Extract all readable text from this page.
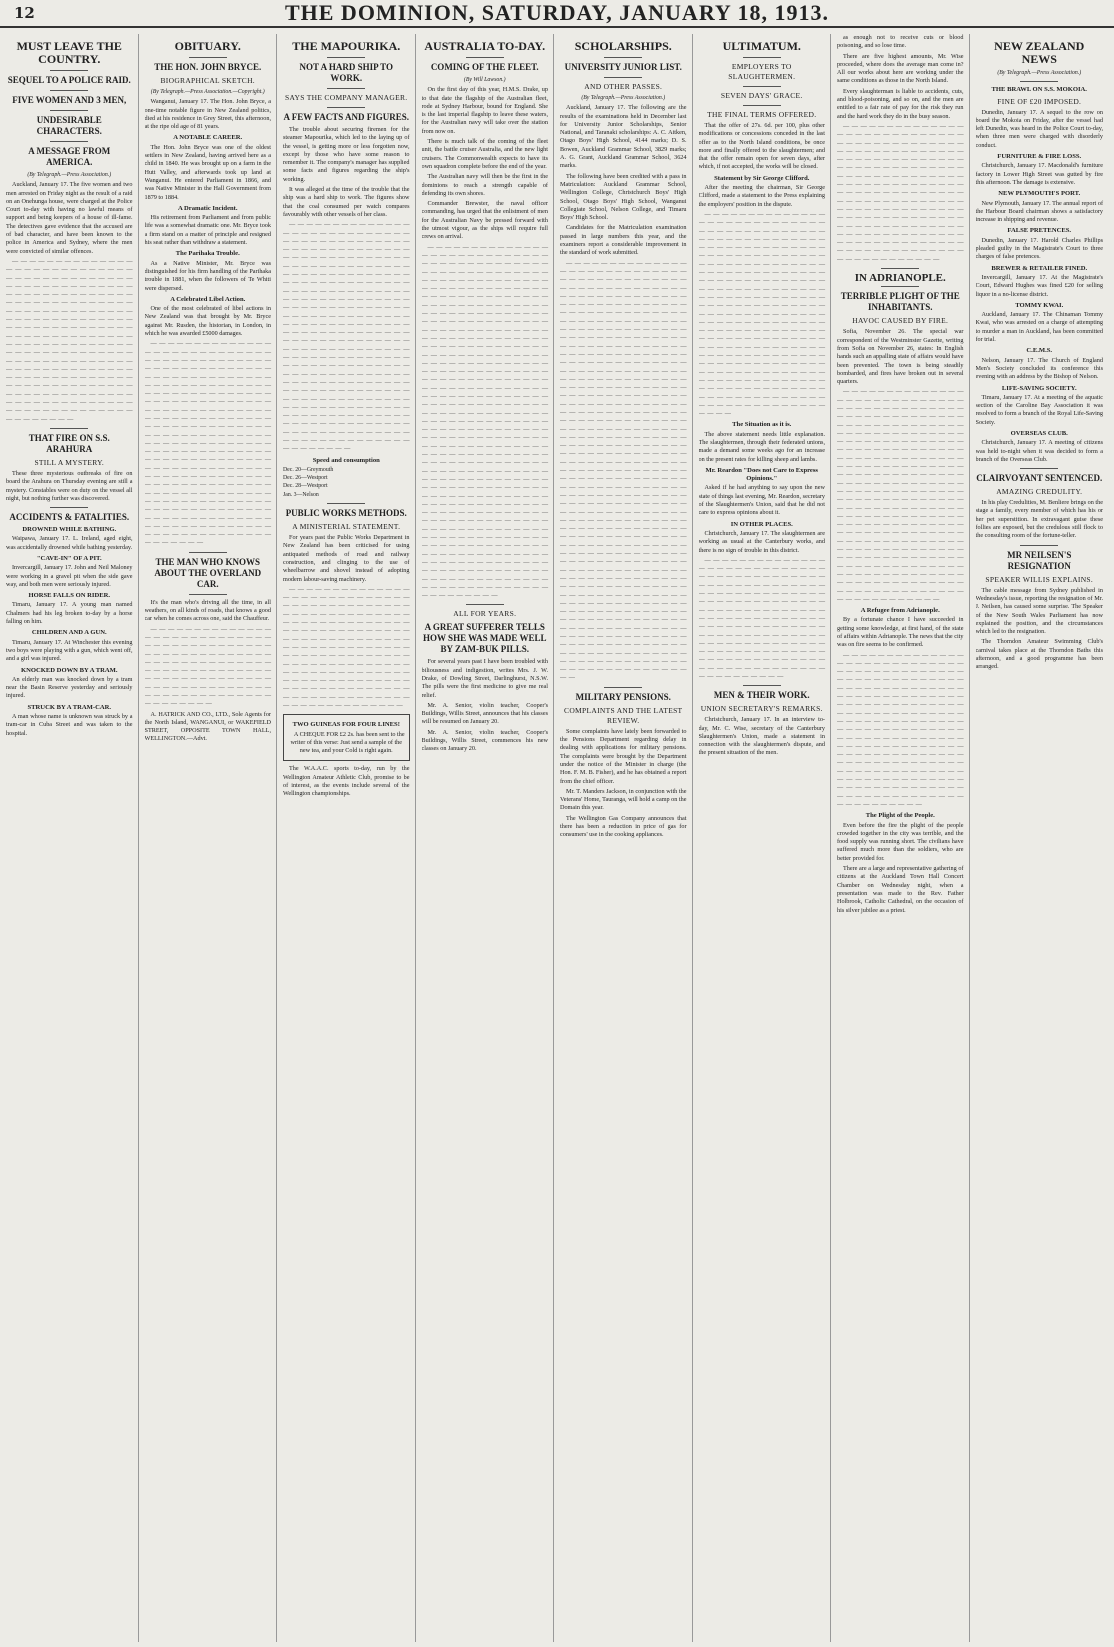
12	THE DOMINION, SATURDAY, JANUARY 18, 1913.
MUST LEAVE THE COUNTRY.
SEQUEL TO A POLICE RAID.
FIVE WOMEN AND 3 MEN,
UNDESIRABLE CHARACTERS.
A MESSAGE FROM AMERICA.
(By Telegraph.—Press Association.)

Auckland, January 17. The five women and two men arrested on Friday night as the result of a raid on an Onehunga house, were charged at the Police Court to-day with having no lawful means of support and being keepers of a house of ill-fame. The detectives gave evidence that the accused are of bad character, and have been known to the police in America and Sydney, where the men were convicted of similar offences.

— — — — — — — — — — — — — — — — — — — — — — — — — — — — — — — — — — — — — — — — — — — — — — — — — — — — — — — — — — — — — — — — — — — — — — — — — — — — — — — — — — — — — — — — — — — — — — — — — — — — — — — — — — — — — — — — — — — — — — — — — — — — — — — — — — — — — — — — — — — — — — — — — — — — — — — — — — — — — — — — — — — — — — — — — — — — — — — — — — — — — — — — — — — — — — — — — — — — — — — — — — — — — — — — — — — — — — — — — — — — — — — — — — — — — — — — — — — — — — — — — — — — — — — — — — — — — — — — — — — — — — — — — — — — — — — — — —

THAT FIRE ON S.S. ARAHURA
STILL A MYSTERY.

These three mysterious outbreaks of fire on board the Arahura on Thursday evening are still a mystery. Constables were on duty on the vessel all night, but nothing further was discovered.

ACCIDENTS & FATALITIES.
DROWNED WHILE BATHING.

Waipawa, January 17. L. Ireland, aged eight, was accidentally drowned while bathing yesterday.

"CAVE-IN" OF A PIT.

Invercargill, January 17. John and Neil Maloney were working in a gravel pit when the side gave way, and both men were seriously injured.

HORSE FALLS ON RIDER.

Timaru, January 17. A young man named Chalmers had his leg broken to-day by a horse falling on him.

CHILDREN AND A GUN.

Timaru, January 17. At Winchester this evening two boys were playing with a gun, which went off, and a girl was injured.

KNOCKED DOWN BY A TRAM.

An elderly man was knocked down by a tram near the Basin Reserve yesterday and seriously injured.

STRUCK BY A TRAM-CAR.

A man whose name is unknown was struck by a tram-car in Cuba Street and was taken to the hospital.

OBITUARY.
THE HON. JOHN BRYCE.
BIOGRAPHICAL SKETCH.
(By Telegraph.—Press Association.—Copyright.)

Wanganui, January 17. The Hon. John Bryce, a one-time notable figure in New Zealand politics, died at his residence in Grey Street, this afternoon, at the ripe old age of 81 years.

A NOTABLE CAREER.

The Hon. John Bryce was one of the oldest settlers in New Zealand, having arrived here as a child in 1840. He was brought up on a farm in the Hutt Valley, and afterwards took up land at Wanganui. He entered Parliament in 1866, and was Native Minister in the Hall Government from 1879 to 1884.

A Dramatic Incident.

His retirement from Parliament and from public life was a somewhat dramatic one. Mr. Bryce took a firm stand on a matter of principle and resigned his seat rather than withdraw a statement.

The Parihaka Trouble.

As a Native Minister, Mr. Bryce was distinguished for his firm handling of the Parihaka trouble in 1881, when the followers of Te Whiti were dispersed.

A Celebrated Libel Action.

One of the most celebrated of libel actions in New Zealand was that brought by Mr. Bryce against Mr. Rusden, the historian, in London, in which he was awarded £5000 damages.

— — — — — — — — — — — — — — — — — — — — — — — — — — — — — — — — — — — — — — — — — — — — — — — — — — — — — — — — — — — — — — — — — — — — — — — — — — — — — — — — — — — — — — — — — — — — — — — — — — — — — — — — — — — — — — — — — — — — — — — — — — — — — — — — — — — — — — — — — — — — — — — — — — — — — — — — — — — — — — — — — — — — — — — — — — — — — — — — — — — — — — — — — — — — — — — — — — — — — — — — — — — — — — — — — — — — — — — — — — — — — — — — — — — — — — — — — — — — — — — — — — — — — — — — — — — — — — — — — — — — — — — — — — — — — — — — — — — — — — — — — — — — — — — — — — — — — — — — — — — — — — — — — — — — — — — — — — — — — — — — — — — — — — — — — — — — — — — — — — — — — — —

THE MAN WHO KNOWS ABOUT THE OVERLAND CAR.

It's the man who's driving all the time, in all weathers, on all kinds of roads, that knows a good car when he comes across one, said the Chauffeur.

— — — — — — — — — — — — — — — — — — — — — — — — — — — — — — — — — — — — — — — — — — — — — — — — — — — — — — — — — — — — — — — — — — — — — — — — — — — — — — — — — — — — — — — — — — — — — — — — — — — — — — — — — — — — — — — — — — — — — — — — — — — — — — — — — — — — — —

A. HATRICK AND CO., LTD., Sole Agents for the North Island, WANGANUI, or WAKEFIELD STREET, OPPOSITE TOWN HALL, WELLINGTON.—Advt.

THE MAPOURIKA.
NOT A HARD SHIP TO WORK.
SAYS THE COMPANY MANAGER.
A FEW FACTS AND FIGURES.

The trouble about securing firemen for the steamer Mapourika, which led to the laying up of the vessel, is getting more or less forgotten now, except by those who have some reason to remember it. The company's manager has supplied some facts and figures regarding the ship's working.

It was alleged at the time of the trouble that the ship was a hard ship to work. The figures show that the coal consumed per watch compares favourably with other vessels of her class.

— — — — — — — — — — — — — — — — — — — — — — — — — — — — — — — — — — — — — — — — — — — — — — — — — — — — — — — — — — — — — — — — — — — — — — — — — — — — — — — — — — — — — — — — — — — — — — — — — — — — — — — — — — — — — — — — — — — — — — — — — — — — — — — — — — — — — — — — — — — — — — — — — — — — — — — — — — — — — — — — — — — — — — — — — — — — — — — — — — — — — — — — — — — — — — — — — — — — — — — — — — — — — — — — — — — — — — — — — — — — — — — — — — — — — — — — — — — — — — — — — — — — — — — — — — — — — — — — — — — — — — — — — — — — — — — — — — — — — — — — — — — — — — — — — — — — — — — — — — — — — — — — — — — — — — — — — — — — — — — — — — — — — — — — — — — — — — — — — — — — — — — — — — — — — — — — — — — — — — — — — — — — — — — — — — — — — — — — — — — — — — — — — —

Speed and consumption
Dec. 20—Greymouth
Dec. 26—Westport
Dec. 28—Westport
Jan. 3—Nelson
PUBLIC WORKS METHODS.
A MINISTERIAL STATEMENT.

For years past the Public Works Department in New Zealand has been criticised for using antiquated methods of road and railway construction, and clinging to the use of wheelbarrow and shovel instead of adopting modern labour-saving machinery.

— — — — — — — — — — — — — — — — — — — — — — — — — — — — — — — — — — — — — — — — — — — — — — — — — — — — — — — — — — — — — — — — — — — — — — — — — — — — — — — — — — — — — — — — — — — — — — — — — — — — — — — — — — — — — — — — — — — — — — — — — — — — — — — — — — — — — — — — — — — — — — — — — — — — — — — — — — — — — — — — — — — — — — — — — — — — — — — — — — — — — — — — — — — — — — — — — — — — — — — — — — — — — — — — — —

TWO GUINEAS FOR FOUR LINES!

A CHEQUE FOR £2 2s. has been sent to the writer of this verse: Just send a sample of the new tea, and your Cold is right again.

The W.A.A.C. sports to-day, run by the Wellington Amateur Athletic Club, promise to be of interest, as the events include several of the Wellington championships.

AUSTRALIA TO-DAY.
COMING OF THE FLEET.
(By Will Lawson.)

On the first day of this year, H.M.S. Drake, up to that date the flagship of the Australian fleet, rode at Sydney Harbour, bound for England. She is the last imperial flagship to leave these waters, for the Australian navy will take over the station from now on.

There is much talk of the coming of the fleet unit, the battle cruiser Australia, and the new light cruisers. The Commonwealth expects to have its own squadron complete before the end of the year.

The Australian navy will then be the first in the dominions to reach a strength capable of defending its own shores.

Commander Brewster, the naval officer commanding, has urged that the enlistment of men for the Australian Navy be pressed forward with the utmost vigour, as the ships will require full crews on arrival.

— — — — — — — — — — — — — — — — — — — — — — — — — — — — — — — — — — — — — — — — — — — — — — — — — — — — — — — — — — — — — — — — — — — — — — — — — — — — — — — — — — — — — — — — — — — — — — — — — — — — — — — — — — — — — — — — — — — — — — — — — — — — — — — — — — — — — — — — — — — — — — — — — — — — — — — — — — — — — — — — — — — — — — — — — — — — — — — — — — — — — — — — — — — — — — — — — — — — — — — — — — — — — — — — — — — — — — — — — — — — — — — — — — — — — — — — — — — — — — — — — — — — — — — — — — — — — — — — — — — — — — — — — — — — — — — — — — — — — — — — — — — — — — — — — — — — — — — — — — — — — — — — — — — — — — — — — — — — — — — — — — — — — — — — — — — — — — — — — — — — — — — — — — — — — — — — — — — — — — — — — — — — — — — — — — — — — — — — — — — — — — — — — — — — — — — — — — — — — — — — — — — — — — — — — — — — — — — — — — — — — — — — — — — — — — — — — — — — — — — — — — — — — — — — — — — — — — — — — — — — — — — — — — — — — — — — — — — — — — — — — — — — — — — — — — — — — — — — — — — — — — — — — — — — — — — — — — — — — — — — — — — — — — — — — — — — — — — — — — — — — — — — — — — — — — — — — — — — — — — — — — — — — — — — — — — — — — — — — — — — — — — — — — — — — — — — — — — — —

ALL FOR YEARS.
A GREAT SUFFERER TELLS HOW SHE WAS MADE WELL BY ZAM-BUK PILLS.

For several years past I have been troubled with biliousness and indigestion, writes Mrs. J. W. Drake, of Dowling Street, Darlinghurst, N.S.W. The pills were the first medicine to give me real relief.

Mr. A. Senior, violin teacher, Cooper's Buildings, Willis Street, announces that his classes will be resumed on January 20.

Mr. A. Senior, violin teacher, Cooper's Buildings, Willis Street, commences his new classes on January 20.

SCHOLARSHIPS.
UNIVERSITY JUNIOR LIST.
AND OTHER PASSES.
(By Telegraph.—Press Association.)

Auckland, January 17. The following are the results of the examinations held in December last for University Junior Scholarships, Senior National, and Taranaki scholarships: A. C. Aitken, Otago Boys' High School, 4144 marks; D. S. Bowen, Auckland Grammar School, 3829 marks; A. G. Grant, Auckland Grammar School, 3624 marks.

The following have been credited with a pass in Matriculation: Auckland Grammar School, Wellington College, Christchurch Boys' High School, Otago Boys' High School, Wanganui Collegiate School, Nelson College, and Timaru Boys' High School.

Candidates for the Matriculation examination passed in large numbers this year, and the examiners report a considerable improvement in the standard of work submitted.

— — — — — — — — — — — — — — — — — — — — — — — — — — — — — — — — — — — — — — — — — — — — — — — — — — — — — — — — — — — — — — — — — — — — — — — — — — — — — — — — — — — — — — — — — — — — — — — — — — — — — — — — — — — — — — — — — — — — — — — — — — — — — — — — — — — — — — — — — — — — — — — — — — — — — — — — — — — — — — — — — — — — — — — — — — — — — — — — — — — — — — — — — — — — — — — — — — — — — — — — — — — — — — — — — — — — — — — — — — — — — — — — — — — — — — — — — — — — — — — — — — — — — — — — — — — — — — — — — — — — — — — — — — — — — — — — — — — — — — — — — — — — — — — — — — — — — — — — — — — — — — — — — — — — — — — — — — — — — — — — — — — — — — — — — — — — — — — — — — — — — — — — — — — — — — — — — — — — — — — — — — — — — — — — — — — — — — — — — — — — — — — — — — — — — — — — — — — — — — — — — — — — — — — — — — — — — — — — — — — — — — — — — — — — — — — — — — — — — — — — — — — — — — — — — — — — — — — — — — — — — — — — — — — — — — — — — — — — — — — — — — — — — — — — — — — — — — — — — — — — — — — — — — — — — — — — — — — — — — — — — — — — — — — — — — — — — — — — — — — — — — — — — — — — — — — — — — — — — — — — — — — — — — — — — — — — — — — — — — — — — — — — — — — — — — — — — — — — — — — — — — — — — — — — — — — — — — — — — — — — — — — — — — — — — — — — — — — — — — — — — — — — — — — — — — — — — — — — — — — — — — — — — — — — — — — — — — — — — — — — — — — — — — — — — — — — — — — — — — — — — —

MILITARY PENSIONS.
COMPLAINTS AND THE LATEST REVIEW.

Some complaints have lately been forwarded to the Pensions Department regarding delay in dealing with applications for military pensions. The complaints were brought by the Department under the notice of the Minister in charge (the Hon. F. M. B. Fisher), and he has obtained a report from the chief officer.

Mr. T. Manders Jackson, in conjunction with the Veterans' Home, Tauranga, will hold a camp on the Domain this year.

The Wellington Gas Company announces that there has been a reduction in price of gas for consumers' use in the cooking appliances.

ULTIMATUM.
EMPLOYERS TO SLAUGHTERMEN.
SEVEN DAYS' GRACE.
THE FINAL TERMS OFFERED.

That the offer of 27s. 6d. per 100, plus other modifications or concessions conceded in the last offer as to the North Island conditions, be once more and finally offered to the slaughtermen; and that the offer remain open for seven days, after which, if not accepted, the works will be closed.

Statement by Sir George Clifford.

After the meeting the chairman, Sir George Clifford, made a statement to the Press explaining the employers' position in the dispute.

— — — — — — — — — — — — — — — — — — — — — — — — — — — — — — — — — — — — — — — — — — — — — — — — — — — — — — — — — — — — — — — — — — — — — — — — — — — — — — — — — — — — — — — — — — — — — — — — — — — — — — — — — — — — — — — — — — — — — — — — — — — — — — — — — — — — — — — — — — — — — — — — — — — — — — — — — — — — — — — — — — — — — — — — — — — — — — — — — — — — — — — — — — — — — — — — — — — — — — — — — — — — — — — — — — — — — — — — — — — — — — — — — — — — — — — — — — — — — — — — — — — — — — — — — — — — — — — — — — — — — — — — — — — — — — — — — — — — — — — — — — — — — — — — — — — — — — — — — — — — — — — — — — — — — — — — — — — — — — — — — — — — — — — — — — — — — — — — — — — —

The Situation as it is.

The above statement needs little explanation. The slaughtermen, through their federated unions, made a demand some weeks ago for an increase on the present rates for killing sheep and lambs.

Mr. Reardon "Does not Care to Express Opinions."

Asked if he had anything to say upon the new state of things last evening, Mr. Reardon, secretary of the Slaughtermen's Union, said that he did not care to express opinions about it.

IN OTHER PLACES.

Christchurch, January 17. The slaughtermen are working as usual at the Canterbury works, and there is no sign of trouble in this district.

— — — — — — — — — — — — — — — — — — — — — — — — — — — — — — — — — — — — — — — — — — — — — — — — — — — — — — — — — — — — — — — — — — — — — — — — — — — — — — — — — — — — — — — — — — — — — — — — — — — — — — — — — — — — — — — — — — — — — — — — — — — — — — — — — — — — — — — — — — — — — — — — — — — — — — — — — — — — — — — — — — — — — — — — — — — — — — — — — — — — — — — — — — — — — — — — — — — — — — — — — — — — — —

MEN & THEIR WORK.
UNION SECRETARY'S REMARKS.

Christchurch, January 17. In an interview to-day, Mr. C. Wise, secretary of the Canterbury Slaughtermen's Union, made a statement in connection with the slaughtermen's dispute, and the present situation of the men.

as enough not to receive cuts or blood poisoning, and so lose time.

There are five highest amounts, Mr. Wise proceeded, where does the average man come in? All our works about here are working under the same conditions as those in the North Island.

Every slaughterman is liable to accidents, cuts, and blood-poisoning, and so on, and the men are entitled to a fair rate of pay for the risk they run and the hard work they do in the busy season.

— — — — — — — — — — — — — — — — — — — — — — — — — — — — — — — — — — — — — — — — — — — — — — — — — — — — — — — — — — — — — — — — — — — — — — — — — — — — — — — — — — — — — — — — — — — — — — — — — — — — — — — — — — — — — — — — — — — — — — — — — — — — — — — — — — — — — — — — — — — — — — — — — — — — — — — — — — — — — — — — — — — — — — — — — — — — — — — — — — — — — — — — — — — — — — — — — — — — — — — — — — — — — — — — — — — — — — — — — — — — — — — — — — — — — — — — — — — —

IN ADRIANOPLE.
TERRIBLE PLIGHT OF THE INHABITANTS.
HAVOC CAUSED BY FIRE.

Sofia, November 26. The special war correspondent of the Westminster Gazette, writing from Sofia on November 26, states: In English hands such an appalling state of affairs would have been prevented. The town is being steadily bombarded, and fires have broken out in several quarters.

— — — — — — — — — — — — — — — — — — — — — — — — — — — — — — — — — — — — — — — — — — — — — — — — — — — — — — — — — — — — — — — — — — — — — — — — — — — — — — — — — — — — — — — — — — — — — — — — — — — — — — — — — — — — — — — — — — — — — — — — — — — — — — — — — — — — — — — — — — — — — — — — — — — — — — — — — — — — — — — — — — — — — — — — — — — — — — — — — — — — — — — — — — — — — — — — — — — — — — — — — — — — — — — — — — — — — — — — — — — — — — — — — — — — — — — — — — — — — — — — — — — — — — — — — — — — — — — — — — — — — — — — — — — — — — — — — — — — — — — — — — — — — — — — — — — — — — — — — — — — — — — — — — — — — — — — — — — — — — — — — — — — — — — — — — — — — — — — — — — — — — — — — — — — — — — — — — — — — — — — — —

A Refugee from Adrianople.

By a fortunate chance I have succeeded in getting some knowledge, at first hand, of the state of affairs within Adrianople. The news that the city was on fire seems to be confirmed.

— — — — — — — — — — — — — — — — — — — — — — — — — — — — — — — — — — — — — — — — — — — — — — — — — — — — — — — — — — — — — — — — — — — — — — — — — — — — — — — — — — — — — — — — — — — — — — — — — — — — — — — — — — — — — — — — — — — — — — — — — — — — — — — — — — — — — — — — — — — — — — — — — — — — — — — — — — — — — — — — — — — — — — — — — — — — — — — — — — — — — — — — — — — — — — — — — — — — — — — — — — — — — — — — — — — — — — — — — — — — — — — — — — — — — — — — — — — — — — — — — — — — — — — — — — — — — — — — — — — — — —

The Plight of the People.

Even before the fire the plight of the people crowded together in the city was terrible, and the food supply was running short. The civilians have suffered much more than the soldiers, who are better provided for.

There are a large and representative gathering of citizens at the Auckland Town Hall Concert Chamber on Wednesday night, when a presentation was made to the Rev. Father Holbrook, Catholic Cathedral, on the occasion of his silver jubilee as a priest.

NEW ZEALAND NEWS
(By Telegraph.—Press Association.)
THE BRAWL ON S.S. MOKOIA.
FINE OF £20 IMPOSED.

Dunedin, January 17. A sequel to the row on board the Mokoia on Friday, after the vessel had left Dunedin, was heard in the Police Court to-day, when three men were charged with disorderly conduct.

FURNITURE & FIRE LOSS.

Christchurch, January 17. Macdonald's furniture factory in Lower High Street was gutted by fire this afternoon. The damage is extensive.

NEW PLYMOUTH'S PORT.

New Plymouth, January 17. The annual report of the Harbour Board chairman shows a satisfactory increase in shipping and revenue.

FALSE PRETENCES.

Dunedin, January 17. Harold Charles Phillips pleaded guilty in the Magistrate's Court to three charges of false pretences.

BREWER & RETAILER FINED.

Invercargill, January 17. At the Magistrate's Court, Edward Hughes was fined £20 for selling liquor in a no-license district.

TOMMY KWAI.

Auckland, January 17. The Chinaman Tommy Kwai, who was arrested on a charge of attempting to murder a man in Auckland, has been committed for trial.

C.E.M.S.

Nelson, January 17. The Church of England Men's Society concluded its conference this evening with an address by the Bishop of Nelson.

LIFE-SAVING SOCIETY.

Timaru, January 17. At a meeting of the aquatic section of the Caroline Bay Association it was resolved to form a branch of the Royal Life-Saving Society.

OVERSEAS CLUB.

Christchurch, January 17. A meeting of citizens was held to-night when it was decided to form a branch of the Overseas Club.

CLAIRVOYANT SENTENCED.
AMAZING CREDULITY.

In his play Credulities, M. Benliere brings on the stage a family, every member of which has his or her pet superstition. In extravagant guise these follies are exposed, but the credulous still flock to the consulting room of the fortune-teller.

MR NEILSEN'S RESIGNATION
SPEAKER WILLIS EXPLAINS.

The cable message from Sydney published in Wednesday's issue, reporting the resignation of Mr. J. Neilsen, has caused some surprise. The Speaker of the New South Wales Parliament has now explained the position, and the circumstances which led to the resignation.

The Thorndon Amateur Swimming Club's carnival takes place at the Thorndon Baths this afternoon, and a good programme has been arranged.
